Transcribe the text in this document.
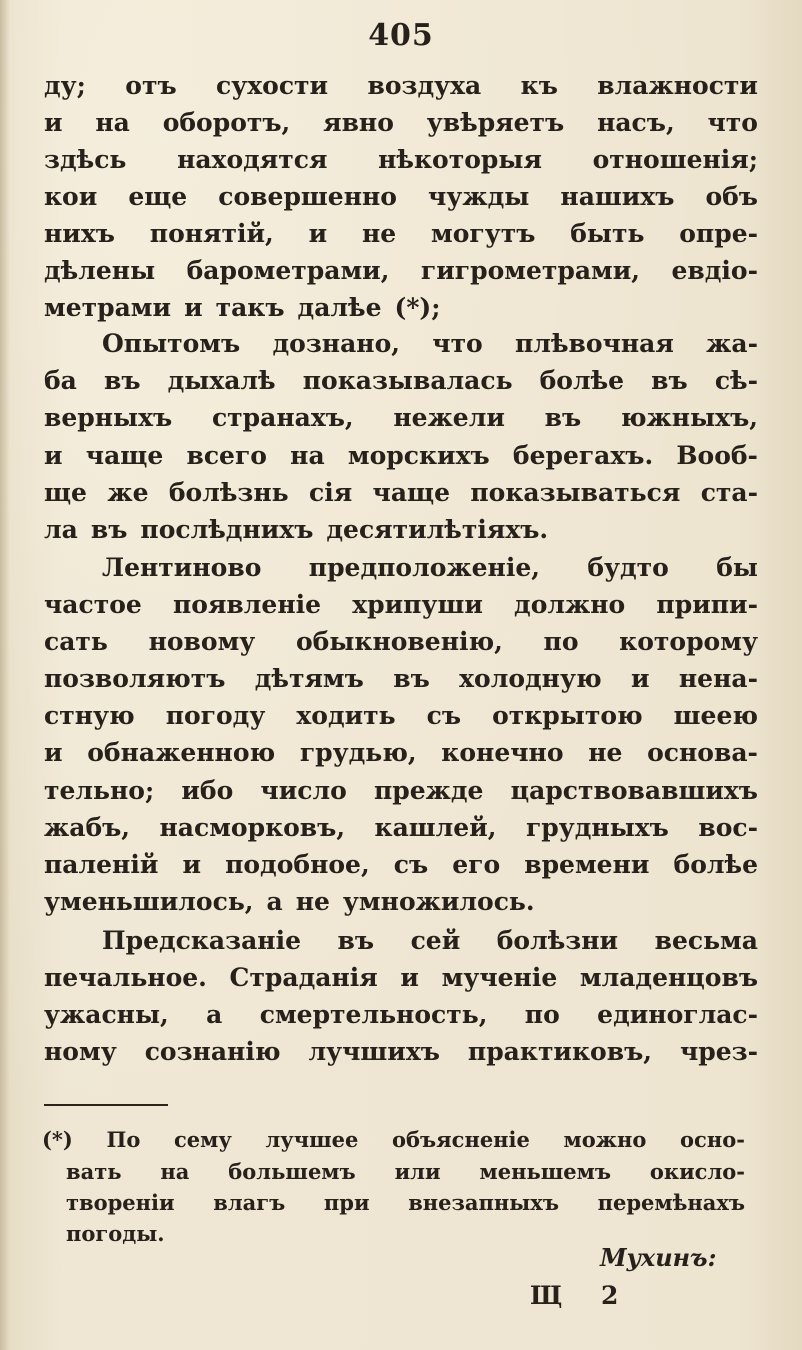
405
ду; отъ сухости воздуха къ влажности
и на оборотъ, явно увѣряетъ насъ, что
здѣсь находятся нѣкоторыя отношенія;
кои еще совершенно чужды нашихъ объ
нихъ понятій, и не могутъ быть опре-
дѣлены барометрами, гигрометрами, евдіо-
метрами и такъ далѣе (*);
Опытомъ дознано, что плѣвочная жа-
ба въ дыхалѣ показывалась болѣе въ сѣ-
верныхъ странахъ, нежели въ южныхъ,
и чаще всего на морскихъ берегахъ. Вооб-
ще же болѣзнь сія чаще показываться ста-
ла въ послѣднихъ десятилѣтіяхъ.
Лентиново предположеніе, будто бы
частое появленіе хрипуши должно припи-
сать новому обыкновенію, по которому
позволяютъ дѣтямъ въ холодную и нена-
стную погоду ходить съ открытою шеею
и обнаженною грудью, конечно не основа-
тельно; ибо число прежде царствовавшихъ
жабъ, насморковъ, кашлей, грудныхъ вос-
паленій и подобное, съ его времени болѣе
уменьшилось, а не умножилось.
Предсказаніе въ сей болѣзни весьма
печальное. Страданія и мученіе младенцовъ
ужасны, а смертельность, по единоглас-
ному сознанію лучшихъ практиковъ, чрез-
(*) По сему лучшее объясненіе можно осно-
вать на большемъ или меньшемъ окисло-
твореніи влагъ при внезапныхъ перемѣнахъ
погоды.
Мухинъ:
Щ 2
